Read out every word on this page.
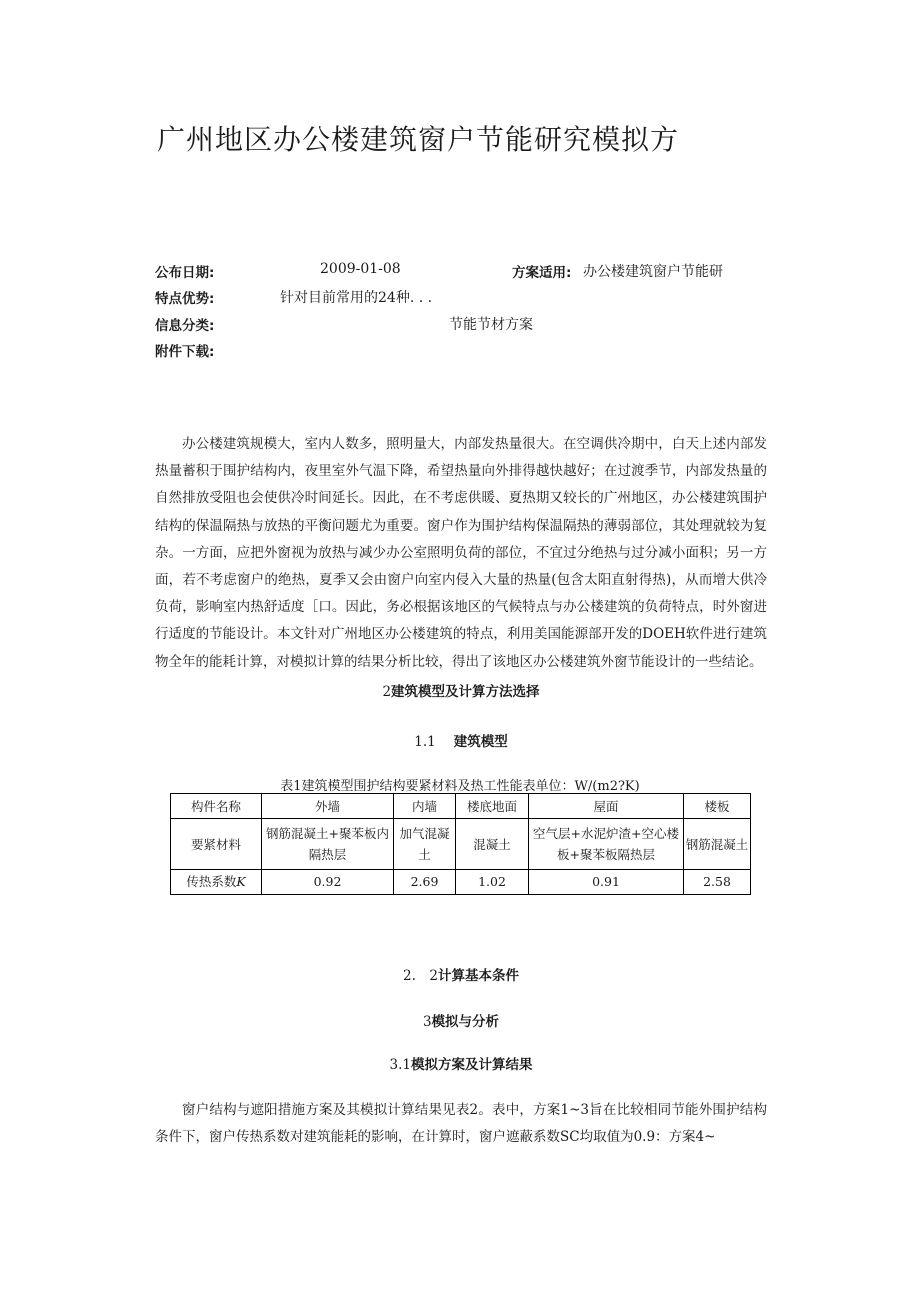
广州地区办公楼建筑窗户节能研究模拟方
公布日期:	2009-01-08	方案适用: 办公楼建筑窗户节能研
特点优势:	针对目前常用的24种. . .
信息分类:	节能节材方案
附件下载:
办公楼建筑规模大，室内人数多，照明量大，内部发热量很大。在空调供冷期中，白天上述内部发热量蓄积于围护结构内，夜里室外气温下降，希望热量向外排得越快越好；在过渡季节，内部发热量的自然排放受阻也会使供冷时间延长。因此，在不考虑供暖、夏热期又较长的广州地区，办公楼建筑围护结构的保温隔热与放热的平衡问题尤为重要。窗户作为围护结构保温隔热的薄弱部位，其处理就较为复杂。一方面，应把外窗视为放热与减少办公室照明负荷的部位，不宜过分绝热与过分减小面积；另一方面，若不考虑窗户的绝热，夏季又会由窗户向室内侵入大量的热量(包含太阳直射得热)，从而增大供冷负荷，影响室内热舒适度［口。因此，务必根据该地区的气候特点与办公楼建筑的负荷特点，时外窗进行适度的节能设计。本文针对广州地区办公楼建筑的特点，利用美国能源部开发的DOEH软件进行建筑物全年的能耗计算，对模拟计算的结果分析比较，得出了该地区办公楼建筑外窗节能设计的一些结论。
2建筑模型及计算方法选择
1.1 建筑模型
表1建筑模型围护结构要紧材料及热工性能表单位：W/(m2?K)
构件名称	外墙	内墙	楼底地面	屋面	楼板
要紧材料	钢筋混凝土+聚苯板内隔热层	加气混凝土	混凝土	空气层+水泥炉渣+空心楼板+聚苯板隔热层	钢筋混凝土
传热系数K	0.92	2.69	1.02	0.91	2.58
2.　2计算基本条件
3模拟与分析
3.1模拟方案及计算结果
窗户结构与遮阳措施方案及其模拟计算结果见表2。表中，方案1~3旨在比较相同节能外围护结构条件下，窗户传热系数对建筑能耗的影响，在计算时，窗户遮蔽系数SC均取值为0.9：方案4~
